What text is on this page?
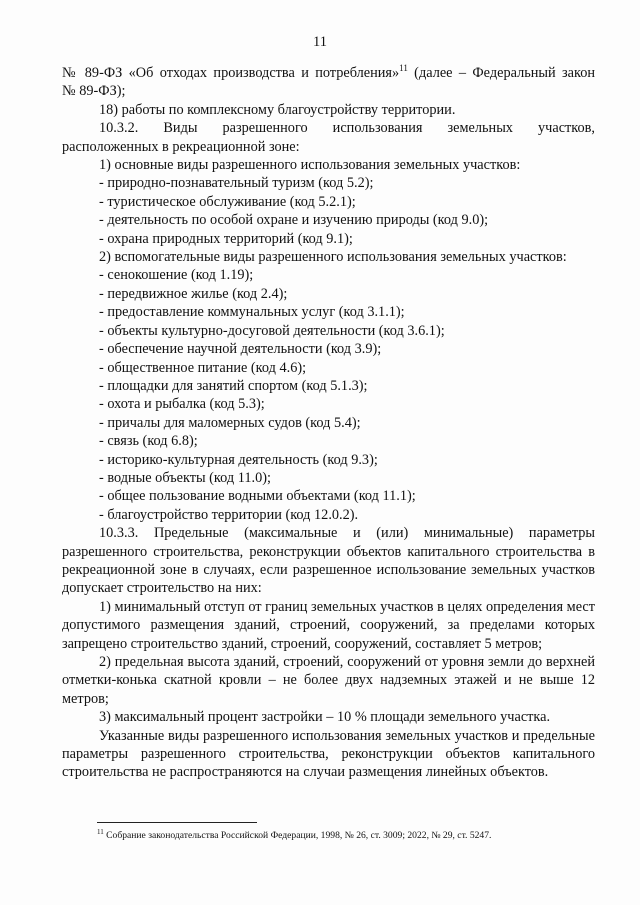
11

№ 89-ФЗ «Об отходах производства и потребления»$^{11}$ (далее – Федеральный закон

№ 89-ФЗ);

18) работы по комплексному благоустройству территории.

10.3.2. Виды разрешенного использования земельных участков,

расположенных в рекреационной зоне:

1) основные виды разрешенного использования земельных участков:

- природно-познавательный туризм (код 5.2);

- туристическое обслуживание (код 5.2.1);

- деятельность по особой охране и изучению природы (код 9.0);

- охрана природных территорий (код 9.1);

2) вспомогательные виды разрешенного использования земельных участков:

- сенокошение (код 1.19);

- передвижное жилье (код 2.4);

- предоставление коммунальных услуг (код 3.1.1);

- объекты культурно-досуговой деятельности (код 3.6.1);

- обеспечение научной деятельности (код 3.9);

- общественное питание (код 4.6);

- площадки для занятий спортом (код 5.1.3);

- охота и рыбалка (код 5.3);

- причалы для маломерных судов (код 5.4);

- связь (код 6.8);

- историко-культурная деятельность (код 9.3);

- водные объекты (код 11.0);

- общее пользование водными объектами (код 11.1);

- благоустройство территории (код 12.0.2).

10.3.3. Предельные (максимальные и (или) минимальные) параметры разрешенного строительства, реконструкции объектов капитального строительства в рекреационной зоне в случаях, если разрешенное использование земельных участков допускает строительство на них:

1) минимальный отступ от границ земельных участков в целях определения мест допустимого размещения зданий, строений, сооружений, за пределами которых запрещено строительство зданий, строений, сооружений, составляет 5 метров;

2) предельная высота зданий, строений, сооружений от уровня земли до верхней отметки-конька скатной кровли – не более двух надземных этажей и не выше 12 метров;

3) максимальный процент застройки – 10 % площади земельного участка.

Указанные виды разрешенного использования земельных участков и предельные параметры разрешенного строительства, реконструкции объектов капитального строительства не распространяются на случаи размещения линейных объектов.

$^{11}$ Собрание законодательства Российской Федерации, 1998, № 26, ст. 3009; 2022, № 29, ст. 5247.
